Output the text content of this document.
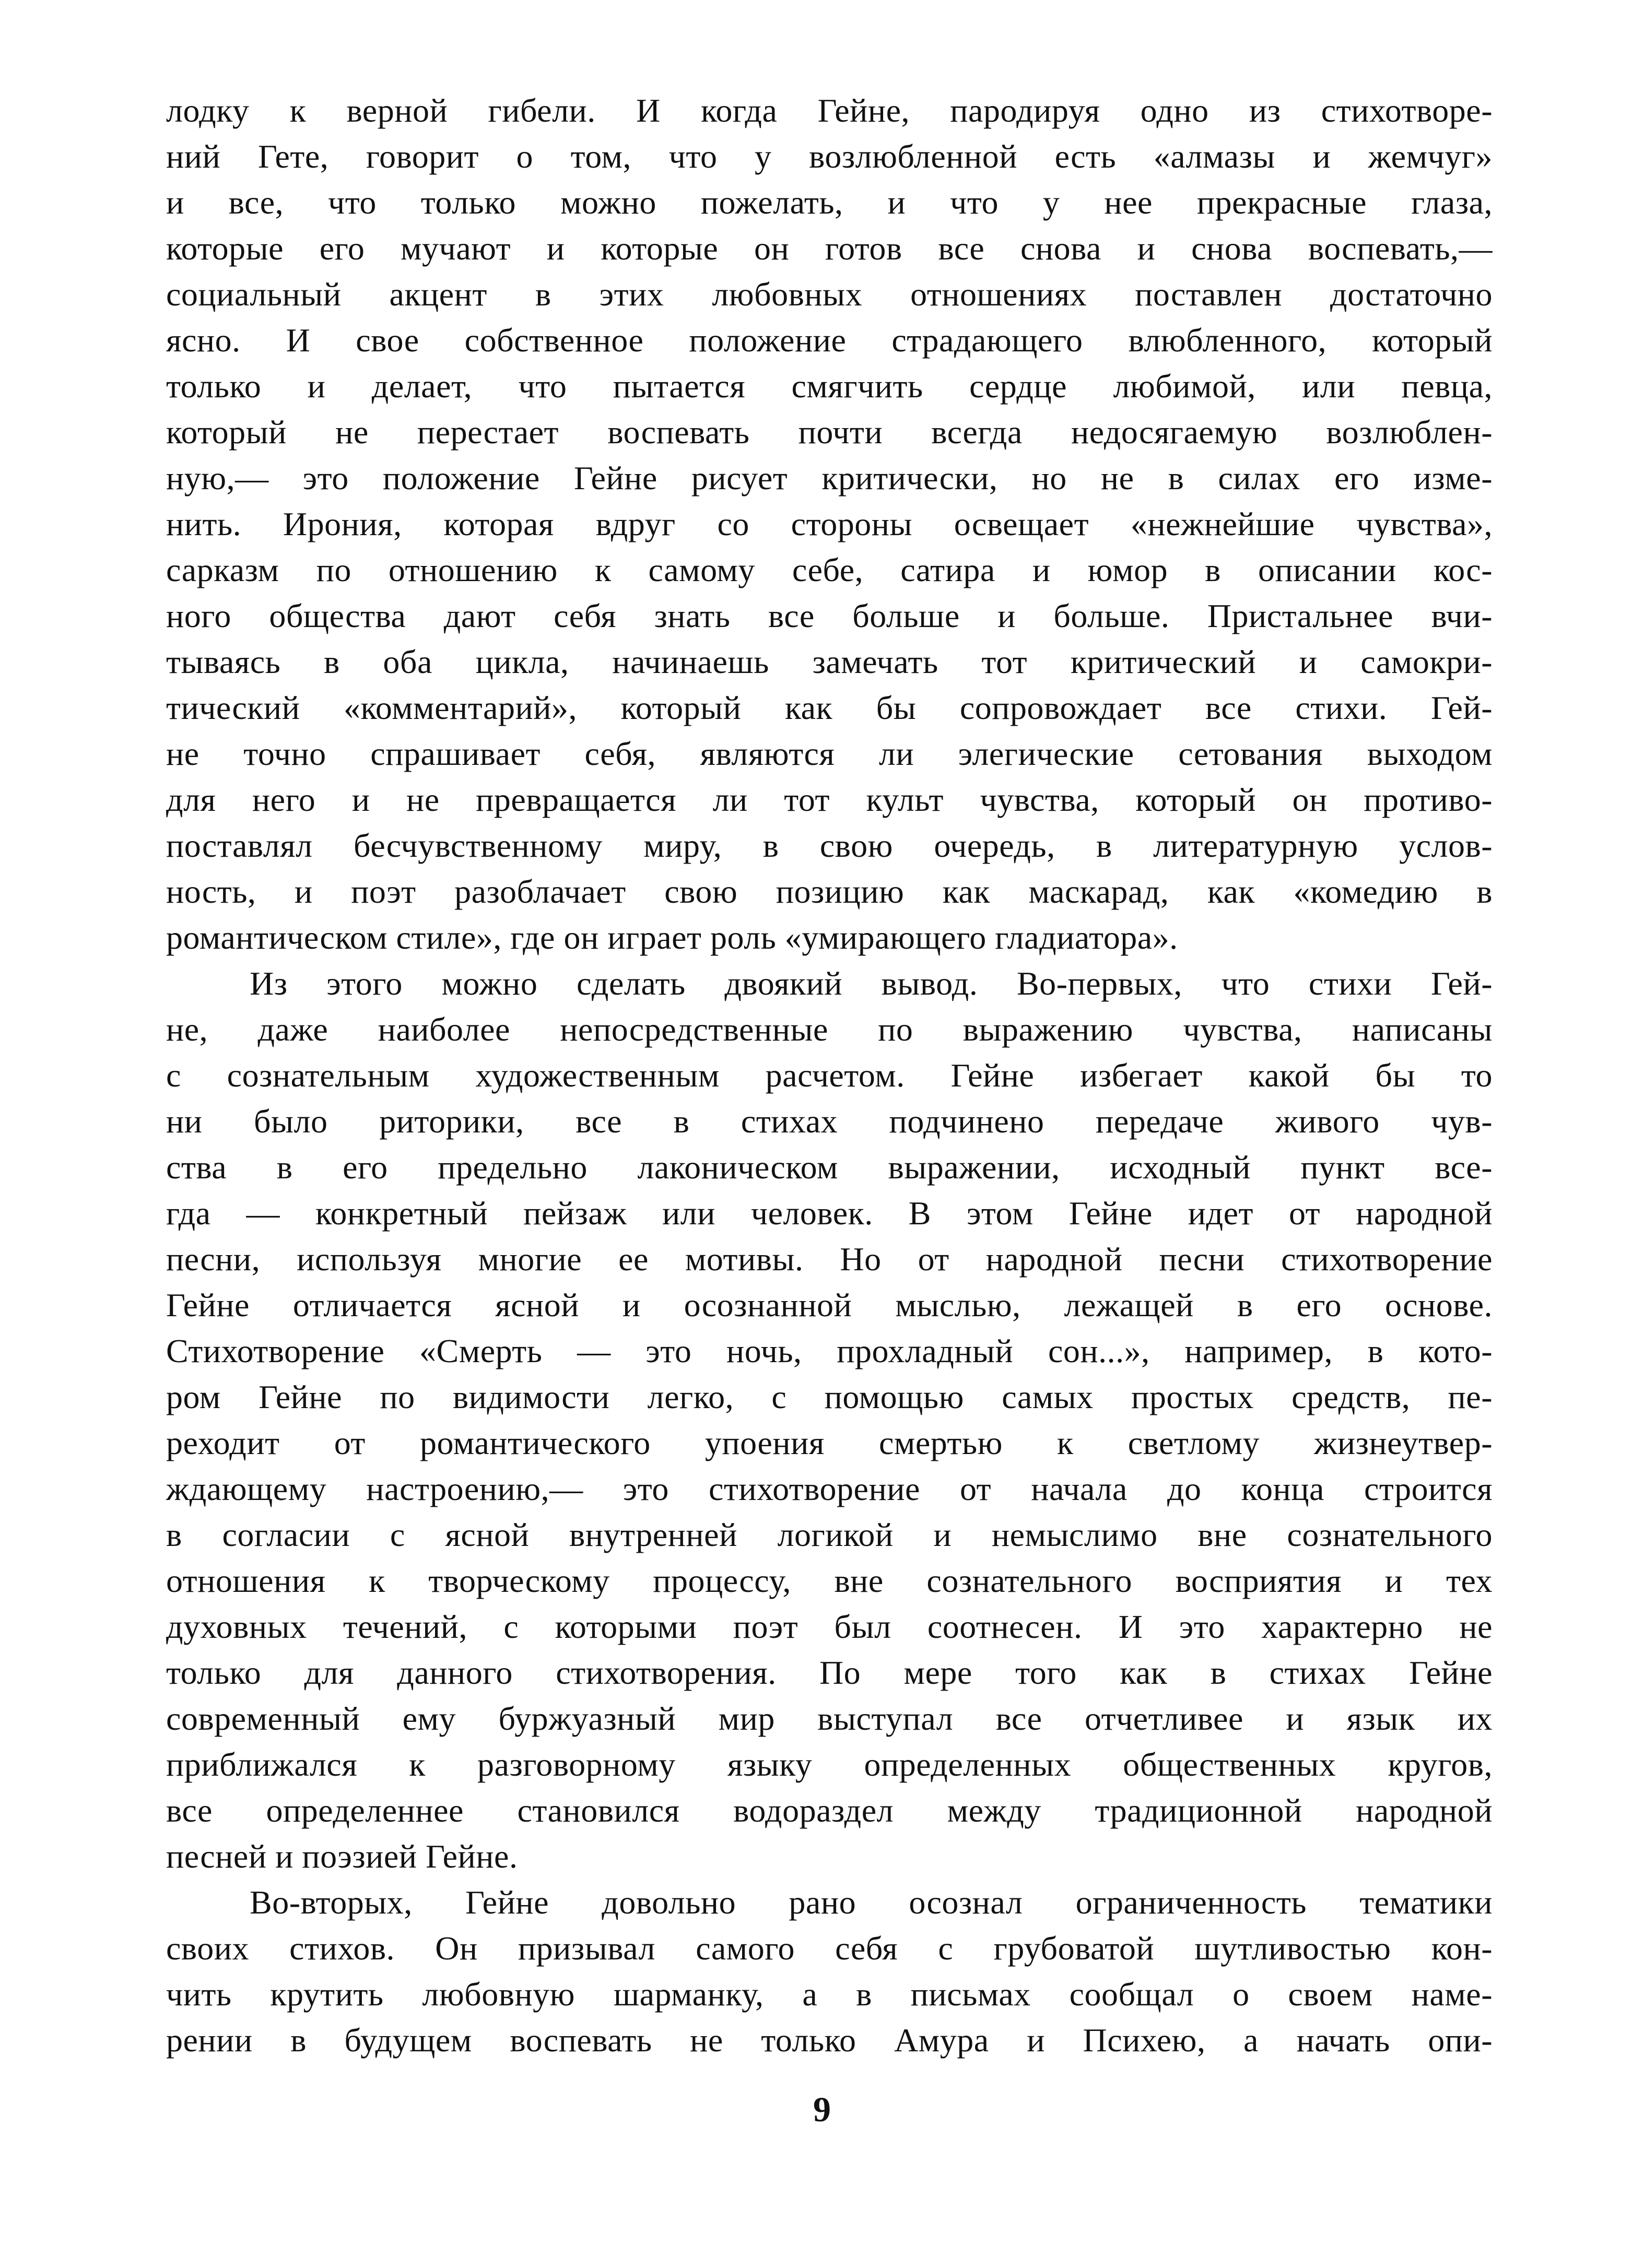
лодку к верной гибели. И когда Гейне, пародируя одно из стихотворе-
ний Гете, говорит о том, что у возлюбленной есть «алмазы и жемчуг»
и все, что только можно пожелать, и что у нее прекрасные глаза,
которые его мучают и которые он готов все снова и снова воспевать,—
социальный акцент в этих любовных отношениях поставлен достаточно
ясно. И свое собственное положение страдающего влюбленного, который
только и делает, что пытается смягчить сердце любимой, или певца,
который не перестает воспевать почти всегда недосягаемую возлюблен-
ную,— это положение Гейне рисует критически, но не в силах его изме-
нить. Ирония, которая вдруг со стороны освещает «нежнейшие чувства»,
сарказм по отношению к самому себе, сатира и юмор в описании кос-
ного общества дают себя знать все больше и больше. Пристальнее вчи-
тываясь в оба цикла, начинаешь замечать тот критический и самокри-
тический «комментарий», который как бы сопровождает все стихи. Гей-
не точно спрашивает себя, являются ли элегические сетования выходом
для него и не превращается ли тот культ чувства, который он противо-
поставлял бесчувственному миру, в свою очередь, в литературную услов-
ность, и поэт разоблачает свою позицию как маскарад, как «комедию в
романтическом стиле», где он играет роль «умирающего гладиатора».
Из этого можно сделать двоякий вывод. Во-первых, что стихи Гей-
не, даже наиболее непосредственные по выражению чувства, написаны
с сознательным художественным расчетом. Гейне избегает какой бы то
ни было риторики, все в стихах подчинено передаче живого чув-
ства в его предельно лаконическом выражении, исходный пункт все-
гда — конкретный пейзаж или человек. В этом Гейне идет от народной
песни, используя многие ее мотивы. Но от народной песни стихотворение
Гейне отличается ясной и осознанной мыслью, лежащей в его основе.
Стихотворение «Смерть — это ночь, прохладный сон...», например, в кото-
ром Гейне по видимости легко, с помощью самых простых средств, пе-
реходит от романтического упоения смертью к светлому жизнеутвер-
ждающему настроению,— это стихотворение от начала до конца строится
в согласии с ясной внутренней логикой и немыслимо вне сознательного
отношения к творческому процессу, вне сознательного восприятия и тех
духовных течений, с которыми поэт был соотнесен. И это характерно не
только для данного стихотворения. По мере того как в стихах Гейне
современный ему буржуазный мир выступал все отчетливее и язык их
приближался к разговорному языку определенных общественных кругов,
все определеннее становился водораздел между традиционной народной
песней и поэзией Гейне.
Во-вторых, Гейне довольно рано осознал ограниченность тематики
своих стихов. Он призывал самого себя с грубоватой шутливостью кон-
чить крутить любовную шарманку, а в письмах сообщал о своем наме-
рении в будущем воспевать не только Амура и Психею, а начать опи-
9
